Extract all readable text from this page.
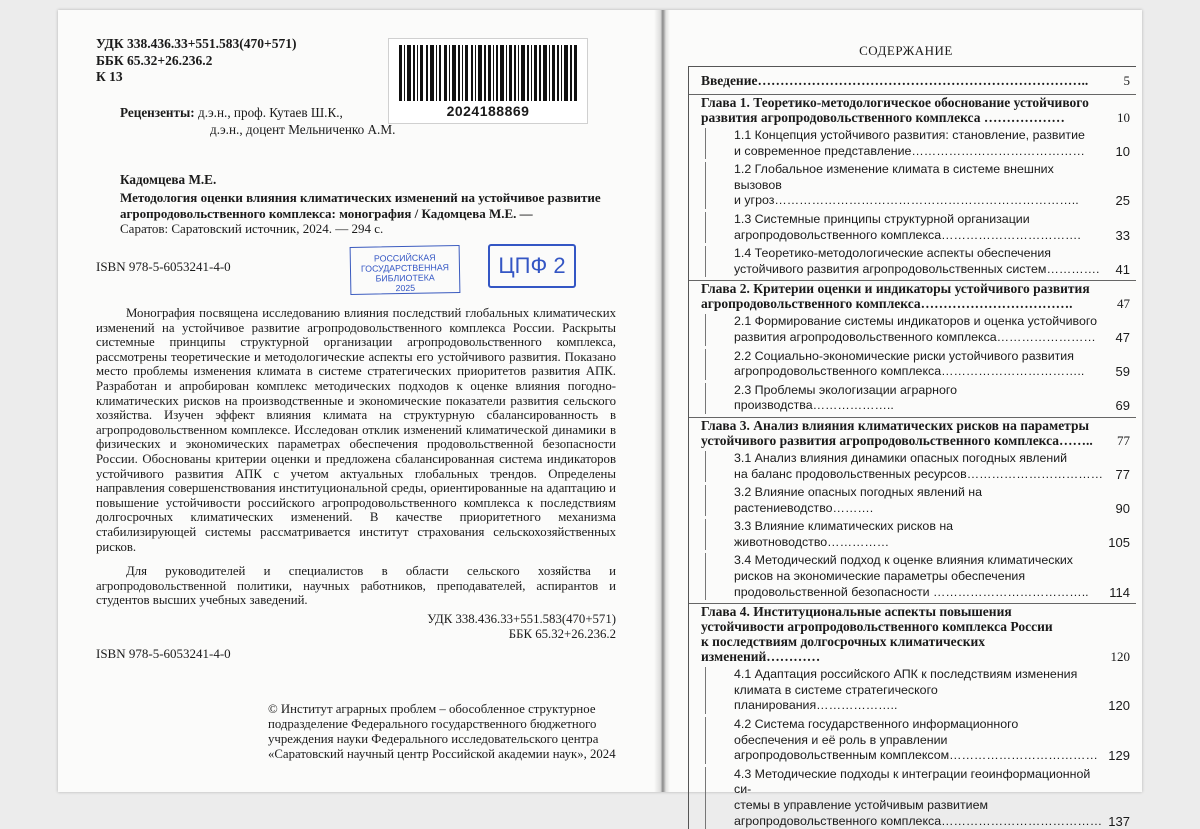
УДК 338.436.33+551.583(470+571)
ББК 65.32+26.236.2
К 13
2024188869
Рецензенты: д.э.н., проф. Кутаев Ш.К.,
д.э.н., доцент Мельниченко А.М.
Кадомцева М.Е.
Методология оценки влияния климатических изменений на устойчивое развитие агропродовольственного комплекса: монография / Кадомцева М.Е. —
Саратов: Саратовский источник, 2024. — 294 с.
ISBN 978-5-6053241-4-0
РОССИЙСКАЯ
ГОСУДАРСТВЕННАЯ
БИБЛИОТЕКА
2025
ЦПФ 2

Монография посвящена исследованию влияния последствий глобальных климатических изменений на устойчивое развитие агропродовольственного комплекса России. Раскрыты системные принципы структурной организации агропродовольственного комплекса, рассмотрены теоретические и методологические аспекты его устойчивого развития. Показано место проблемы изменения климата в системе стратегических приоритетов развития АПК. Разработан и апробирован комплекс методических подходов к оценке влияния погодно-климатических рисков на производственные и экономические показатели развития сельского хозяйства. Изучен эффект влияния климата на структурную сбалансированность в агропродовольственном комплексе. Исследован отклик изменений климатической динамики в физических и экономических параметрах обеспечения продовольственной безопасности России. Обоснованы критерии оценки и предложена сбалансированная система индикаторов устойчивого развития АПК с учетом актуальных глобальных трендов. Определены направления совершенствования институциональной среды, ориентированные на адаптацию и повышение устойчивости российского агропродовольственного комплекса к последствиям долгосрочных климатических изменений. В качестве приоритетного механизма стабилизирующей системы рассматривается институт страхования сельскохозяйственных рисков.

Для руководителей и специалистов в области сельского хозяйства и агропродовольственной политики, научных работников, преподавателей, аспирантов и студентов высших учебных заведений.

УДК 338.436.33+551.583(470+571)
ББК 65.32+26.236.2
ISBN 978-5-6053241-4-0
© Институт аграрных проблем – обособленное структурное подразделение Федерального государственного бюджетного учреждения науки Федерального исследовательского центра «Саратовский научный центр Российской академии наук», 2024
СОДЕРЖАНИЕ
Введение………………………………………………………………..	5
Глава 1. Теоретико-методологическое обоснование устойчивого
развития агропродовольственного комплекса ………………	10
1.1 Концепция устойчивого развития: становление, развитие
и современное представление……………………………………	10
1.2 Глобальное изменение климата в системе внешних вызовов
и угроз………………………………………………………………..	25
1.3 Системные принципы структурной организации
агропродовольственного комплекса…………………………….	33
1.4 Теоретико-методологические аспекты обеспечения
устойчивого развития агропродовольственных систем………….	41
Глава 2. Критерии оценки и индикаторы устойчивого развития
агропродовольственного комплекса…………………………….	47
2.1 Формирование системы индикаторов и оценка устойчивого
развития агропродовольственного комплекса……………………	47
2.2 Социально-экономические риски устойчивого развития
агропродовольственного комплекса……………………………..	59
2.3 Проблемы экологизации аграрного производства………………..	69
Глава 3. Анализ влияния климатических рисков на параметры
устойчивого развития агропродовольственного комплекса……..	77
3.1 Анализ влияния динамики опасных погодных явлений
на баланс продовольственных ресурсов…………………………… 77
3.2 Влияние опасных погодных явлений на растениеводство……….	90
3.3 Влияние климатических рисков на животноводство……………	105
3.4 Методический подход к оценке влияния климатических
рисков на экономические параметры обеспечения
продовольственной безопасности ………………………………..	114
Глава 4. Институциональные аспекты повышения
устойчивости агропродовольственного комплекса России
к последствиям долгосрочных климатических изменений…………	120
4.1 Адаптация российского АПК к последствиям изменения
климата в системе стратегического планирования………………..	120
4.2 Система государственного информационного
обеспечения и её роль в управлении
агропродовольственным комплексом……………………………… 129
4.3 Методические подходы к интеграции геоинформационной си-
стемы в управление устойчивым развитием
агропродовольственного комплекса………………………………… 137
